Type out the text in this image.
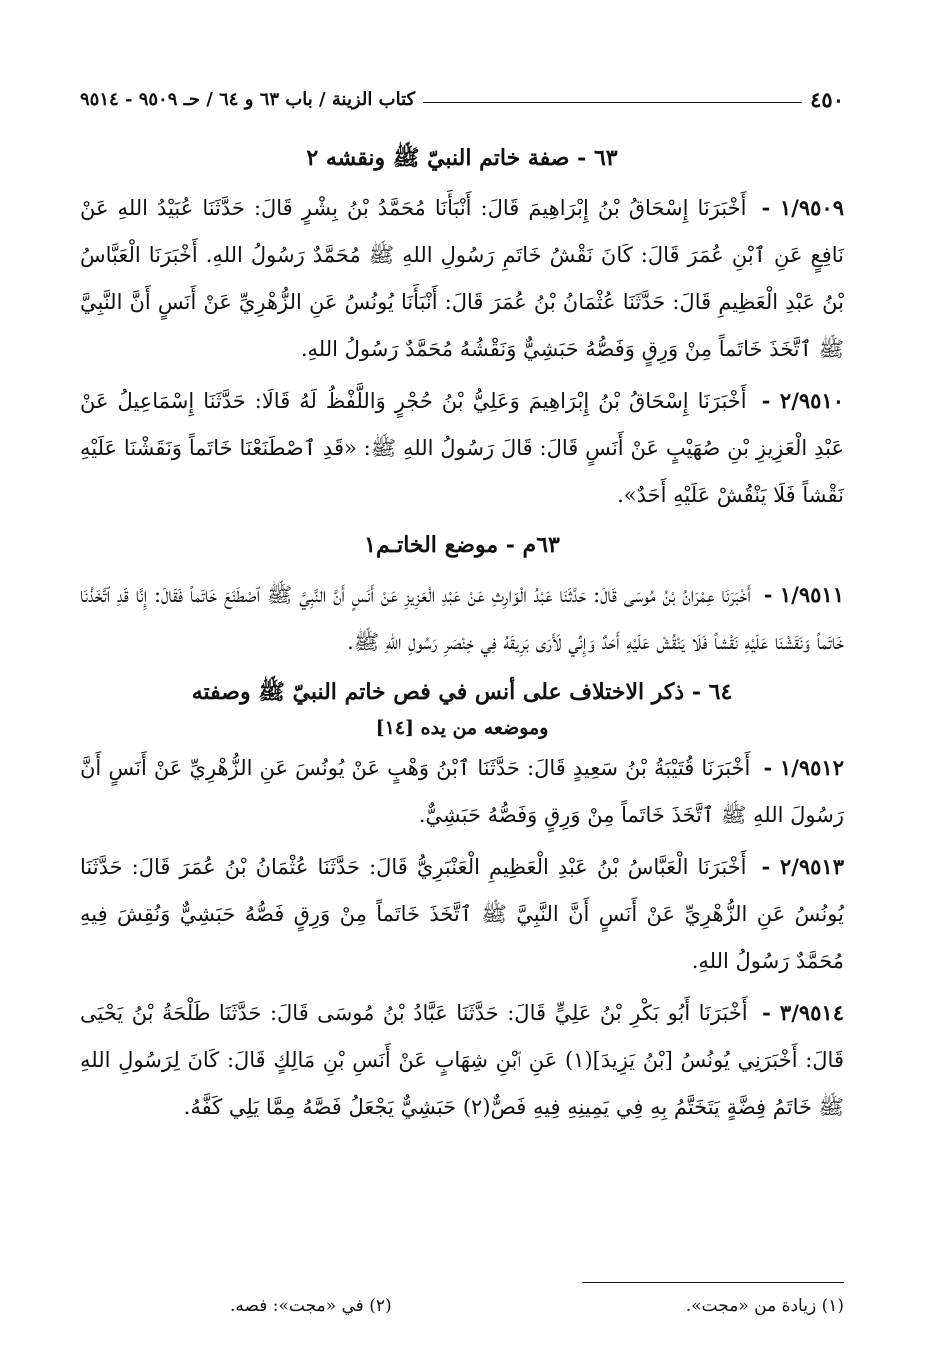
٤٥٠
كتاب الزينة / باب ٦٣ و ٦٤ / حـ ٩٥٠٩ - ٩٥١٤
٦٣ - صفة خاتم النبيّ ﷺ ونقشه ٢

١/٩٥٠٩ - أَخْبَرَنَا إِسْحَاقُ بْنُ إِبْرَاهِيمَ قَالَ: أَنْبَأَنَا مُحَمَّدُ بْنُ بِشْرٍ قَالَ: حَدَّثَنَا عُبَيْدُ اللهِ عَنْ نَافِعٍ عَنِ ٱبْنِ عُمَرَ قَالَ: كَانَ نَقْشُ خَاتَمِ رَسُولِ اللهِ ﷺ مُحَمَّدٌ رَسُولُ اللهِ. أَخْبَرَنَا الْعَبَّاسُ بْنُ عَبْدِ الْعَظِيمِ قَالَ: حَدَّثَنَا عُثْمَانُ بْنُ عُمَرَ قَالَ: أَنْبَأَنَا يُونُسُ عَنِ الزُّهْرِيِّ عَنْ أَنَسٍ أَنَّ النَّبِيَّ ﷺ ٱتَّخَذَ خَاتَماً مِنْ وَرِقٍ وَفَصُّهُ حَبَشِيٌّ وَنَقْشُهُ مُحَمَّدٌ رَسُولُ اللهِ.

٢/٩٥١٠ - أَخْبَرَنَا إِسْحَاقُ بْنُ إِبْرَاهِيمَ وَعَلِيُّ بْنُ حُجْرٍ وَاللَّفْظُ لَهُ قَالَا: حَدَّثَنَا إِسْمَاعِيلُ عَنْ عَبْدِ الْعَزِيزِ بْنِ صُهَيْبٍ عَنْ أَنَسٍ قَالَ: قَالَ رَسُولُ اللهِ ﷺ: «قَدِ ٱصْطَنَعْنَا خَاتَماً وَنَقَشْنَا عَلَيْهِ نَقْشاً فَلَا يَنْقُشْ عَلَيْهِ أَحَدٌ».

٦٣م - موضع الخاتـم١

١/٩٥١١ - أَخْبَرَنَا عِمْرَانُ بْنُ مُوسَى قَالَ: حَدَّثَنَا عَبْدُ الْوَارِثِ عَنْ عَبْدِ الْعَزِيزِ عَنْ أَنَسٍ أَنَّ النَّبِيَّ ﷺ ٱصْطَنَعَ خَاتَماً فَقَالَ: إِنَّا قَدِ ٱتَّخَذْنَا خَاتَماً وَنَقَشْنَا عَلَيْهِ نَقْشاً فَلَا يَنْقُشْ عَلَيْهِ أَحَدٌ وَإِنِّي لَأَرَى بَرِيقَهُ فِي خِنْصَرِ رَسُولِ اللهِ ﷺ.

٦٤ - ذكر الاختلاف على أنس في فص خاتم النبيّ ﷺ وصفته
وموضعه من يده [١٤]

١/٩٥١٢ - أَخْبَرَنَا قُتَيْبَةُ بْنُ سَعِيدٍ قَالَ: حَدَّثَنَا ٱبْنُ وَهْبٍ عَنْ يُونُسَ عَنِ الزُّهْرِيِّ عَنْ أَنَسٍ أَنَّ رَسُولَ اللهِ ﷺ ٱتَّخَذَ خَاتَماً مِنْ وَرِقٍ وَفَصُّهُ حَبَشِيٌّ.

٢/٩٥١٣ - أَخْبَرَنَا الْعَبَّاسُ بْنُ عَبْدِ الْعَظِيمِ الْعَنْبَرِيُّ قَالَ: حَدَّثَنَا عُثْمَانُ بْنُ عُمَرَ قَالَ: حَدَّثَنَا يُونُسُ عَنِ الزُّهْرِيِّ عَنْ أَنَسٍ أَنَّ النَّبِيَّ ﷺ ٱتَّخَذَ خَاتَماً مِنْ وَرِقٍ فَصُّهُ حَبَشِيٌّ وَنُقِشَ فِيهِ مُحَمَّدٌ رَسُولُ اللهِ.

٣/٩٥١٤ - أَخْبَرَنَا أَبُو بَكْرِ بْنُ عَلِيٍّ قَالَ: حَدَّثَنَا عَبَّادُ بْنُ مُوسَى قَالَ: حَدَّثَنَا طَلْحَةُ بْنُ يَحْيَى قَالَ: أَخْبَرَنِي يُونُسُ [بْنُ يَزِيدَ](١) عَنِ ٱبْنِ شِهَابٍ عَنْ أَنَسِ بْنِ مَالِكٍ قَالَ: كَانَ لِرَسُولِ اللهِ ﷺ خَاتَمُ فِضَّةٍ يَتَخَتَّمُ بِهِ فِي يَمِينِهِ فِيهِ فَصٌّ(٢) حَبَشِيٌّ يَجْعَلُ فَصَّهُ مِمَّا يَلِي كَفَّهُ.

(١) زيادة من «مجت».
(٢) في «مجت»: فصه.
